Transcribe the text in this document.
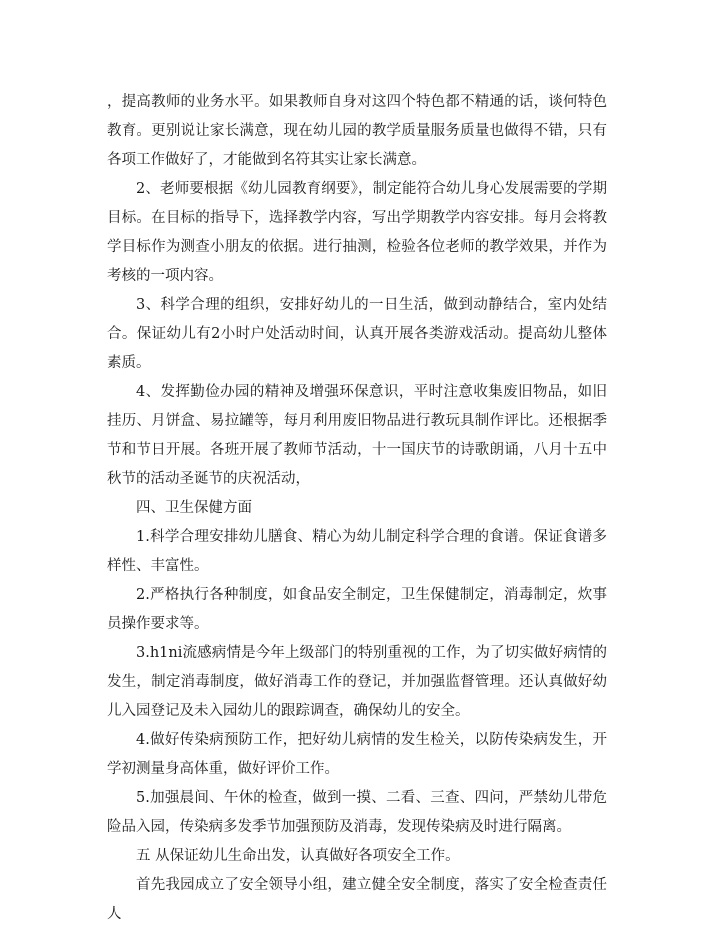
，提高教师的业务水平。如果教师自身对这四个特色都不精通的话，谈何特色教育。更别说让家长满意，现在幼儿园的教学质量服务质量也做得不错，只有各项工作做好了，才能做到名符其实让家长满意。

2、老师要根据《幼儿园教育纲要》，制定能符合幼儿身心发展需要的学期目标。在目标的指导下，选择教学内容，写出学期教学内容安排。每月会将教学目标作为测查小朋友的依据。进行抽测，检验各位老师的教学效果，并作为考核的一项内容。

3、科学合理的组织，安排好幼儿的一日生活，做到动静结合，室内处结合。保证幼儿有2小时户处活动时间，认真开展各类游戏活动。提高幼儿整体素质。

4、发挥勤俭办园的精神及增强环保意识，平时注意收集废旧物品，如旧挂历、月饼盒、易拉罐等，每月利用废旧物品进行教玩具制作评比。还根据季节和节日开展。各班开展了教师节活动，十一国庆节的诗歌朗诵，八月十五中秋节的活动圣诞节的庆祝活动，

四、卫生保健方面

1.科学合理安排幼儿膳食、精心为幼儿制定科学合理的食谱。保证食谱多样性、丰富性。

2.严格执行各种制度，如食品安全制定，卫生保健制定，消毒制定，炊事员操作要求等。

3.h1ni流感病情是今年上级部门的特别重视的工作，为了切实做好病情的发生，制定消毒制度，做好消毒工作的登记，并加强监督管理。还认真做好幼儿入园登记及未入园幼儿的跟踪调查，确保幼儿的安全。

4.做好传染病预防工作，把好幼儿病情的发生检关，以防传染病发生，开学初测量身高体重，做好评价工作。

5.加强晨间、午休的检查，做到一摸、二看、三查、四问，严禁幼儿带危险品入园，传染病多发季节加强预防及消毒，发现传染病及时进行隔离。

五 从保证幼儿生命出发，认真做好各项安全工作。

首先我园成立了安全领导小组，建立健全安全制度，落实了安全检查责任人
